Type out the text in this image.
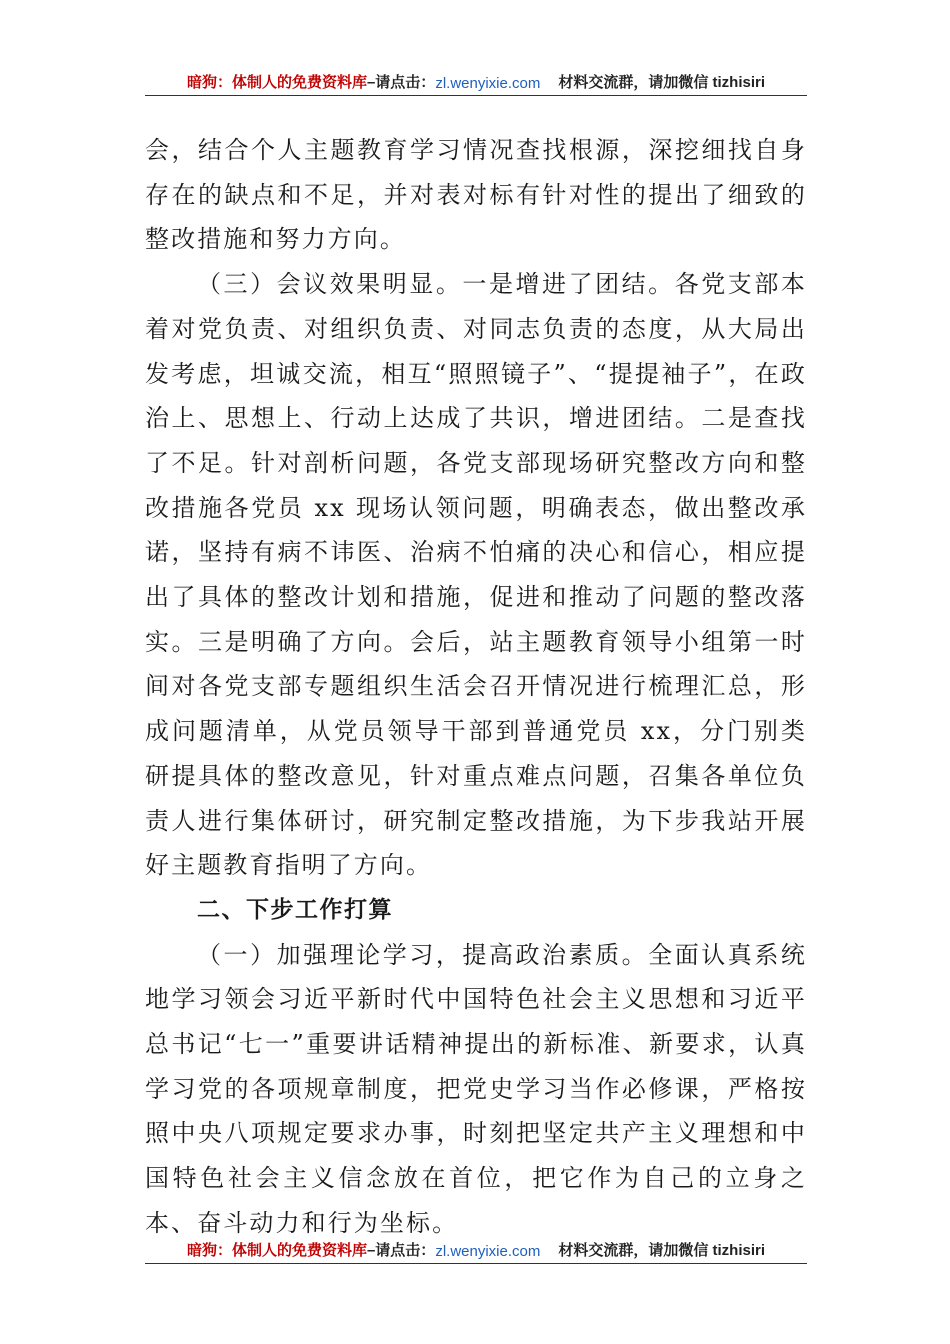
暗狗：体制人的免费资料库 –请点击： zl.wenyixie.com 材料交流群，请加微信 tizhisiri

会，结合个人主题教育学习情况查找根源，深挖细找自身存在的缺点和不足，并对表对标有针对性的提出了细致的整改措施和努力方向。

（三）会议效果明显。一是增进了团结。各党支部本着对党负责、对组织负责、对同志负责的态度，从大局出发考虑，坦诚交流，相互“照照镜子”、“提提袖子”，在政治上、思想上、行动上达成了共识，增进团结。二是查找了不足。针对剖析问题，各党支部现场研究整改方向和整改措施各党员 xx 现场认领问题，明确表态，做出整改承诺，坚持有病不讳医、治病不怕痛的决心和信心，相应提出了具体的整改计划和措施，促进和推动了问题的整改落实。三是明确了方向。会后，站主题教育领导小组第一时间对各党支部专题组织生活会召开情况进行梳理汇总，形成问题清单，从党员领导干部到普通党员 xx，分门别类研提具体的整改意见，针对重点难点问题，召集各单位负责人进行集体研讨，研究制定整改措施，为下步我站开展好主题教育指明了方向。

二、下步工作打算

（一）加强理论学习，提高政治素质。全面认真系统地学习领会习近平新时代中国特色社会主义思想和习近平总书记“七一”重要讲话精神提出的新标准、新要求，认真学习党的各项规章制度，把党史学习当作必修课，严格按照中央八项规定要求办事，时刻把坚定共产主义理想和中国特色社会主义信念放在首位，把它作为自己的立身之本、奋斗动力和行为坐标。

暗狗：体制人的免费资料库 –请点击： zl.wenyixie.com 材料交流群，请加微信 tizhisiri
